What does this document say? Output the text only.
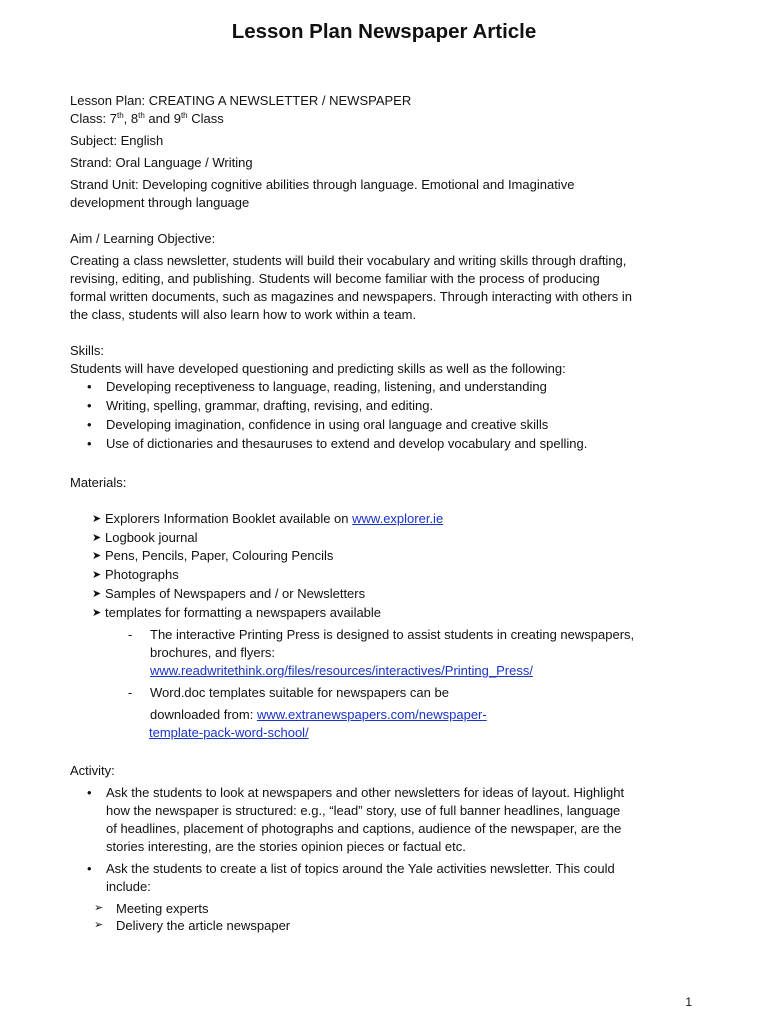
Lesson Plan Newspaper Article
Lesson Plan: CREATING A NEWSLETTER / NEWSPAPER
Class: 7th, 8th and 9th Class
Subject: English
Strand: Oral Language / Writing
Strand Unit: Developing cognitive abilities through language. Emotional and Imaginative
development through language
Aim / Learning Objective:
Creating a class newsletter, students will build their vocabulary and writing skills through drafting,
revising, editing, and publishing. Students will become familiar with the process of producing
formal written documents, such as magazines and newspapers. Through interacting with others in
the class, students will also learn how to work within a team.
Skills:
Students will have developed questioning and predicting skills as well as the following:
• Developing receptiveness to language, reading, listening, and understanding
• Writing, spelling, grammar, drafting, revising, and editing.
• Developing imagination, confidence in using oral language and creative skills
• Use of dictionaries and thesauruses to extend and develop vocabulary and spelling.
Materials:
➤ Explorers Information Booklet available on www.explorer.ie
➤ Logbook journal
➤ Pens, Pencils, Paper, Colouring Pencils
➤ Photographs
➤ Samples of Newspapers and / or Newsletters
➤ templates for formatting a newspapers available
- The interactive Printing Press is designed to assist students in creating newspapers,
brochures, and flyers:
www.readwritethink.org/files/resources/interactives/Printing_Press/
- Word.doc templates suitable for newspapers can be
downloaded from: www.extranewspapers.com/newspaper-
template-pack-word-school/
Activity:
• Ask the students to look at newspapers and other newsletters for ideas of layout. Highlight
how the newspaper is structured: e.g., “lead” story, use of full banner headlines, language
of headlines, placement of photographs and captions, audience of the newspaper, are the
stories interesting, are the stories opinion pieces or factual etc.
• Ask the students to create a list of topics around the Yale activities newsletter. This could
include:
➢ Meeting experts
➢ Delivery the article newspaper
1
